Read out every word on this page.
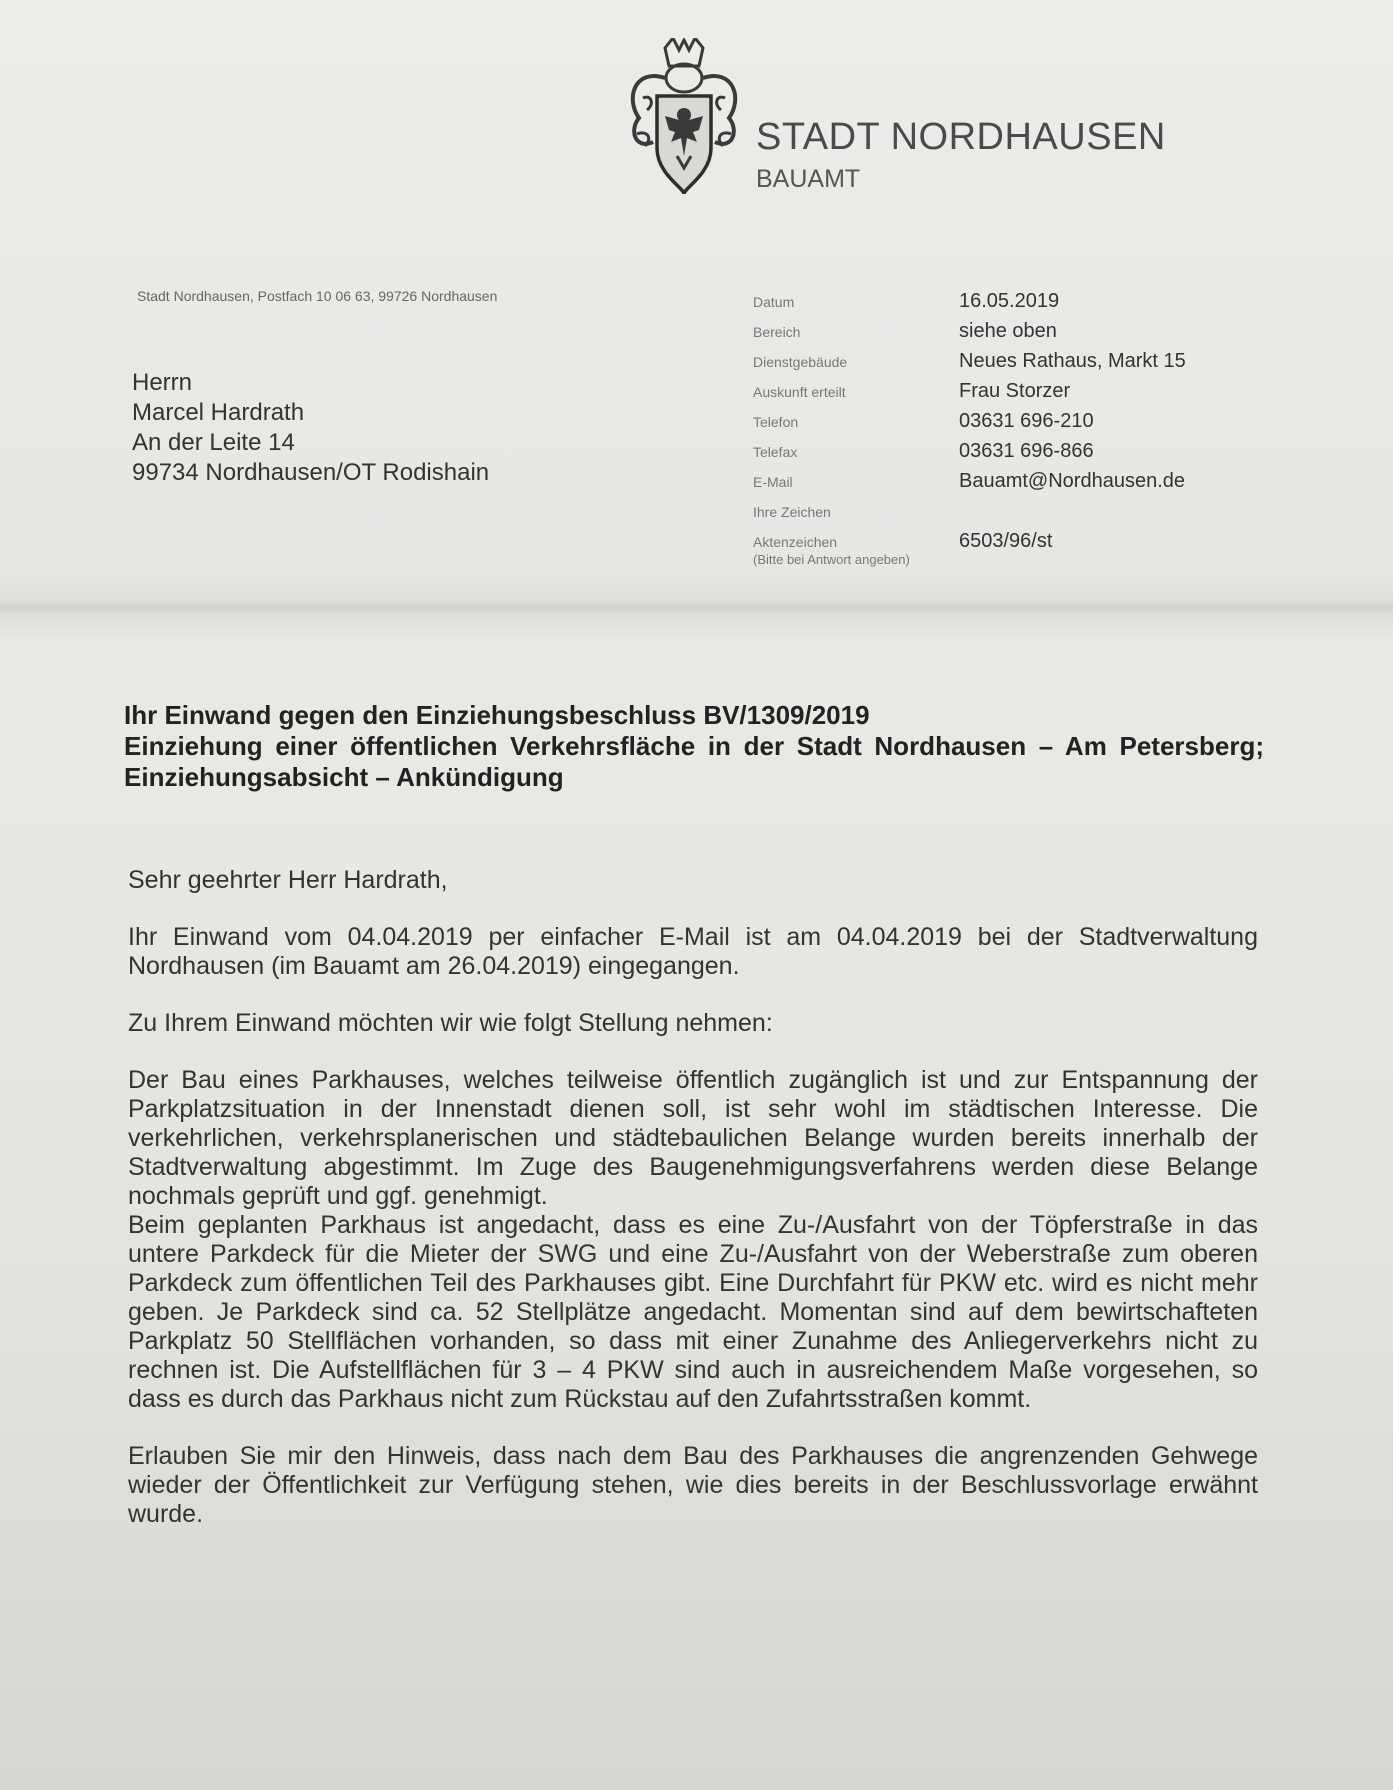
STADT NORDHAUSEN
BAUAMT
Stadt Nordhausen, Postfach 10 06 63, 99726 Nordhausen
Herrn
Marcel Hardrath
An der Leite 14
99734 Nordhausen/OT Rodishain
Datum	16.05.2019
Bereich	siehe oben
Dienstgebäude	Neues Rathaus, Markt 15
Auskunft erteilt	Frau Storzer
Telefon	03631 696-210
Telefax	03631 696-866
E-Mail	Bauamt@Nordhausen.de
Ihre Zeichen
Aktenzeichen	6503/96/st
(Bitte bei Antwort angeben)
Ihr Einwand gegen den Einziehungsbeschluss BV/1309/2019
Einziehung einer öffentlichen Verkehrsfläche in der Stadt Nordhausen – Am Petersberg; Einziehungsabsicht – Ankündigung

Sehr geehrter Herr Hardrath,

Ihr Einwand vom 04.04.2019 per einfacher E-Mail ist am 04.04.2019 bei der Stadtverwaltung Nordhausen (im Bauamt am 26.04.2019) eingegangen.

Zu Ihrem Einwand möchten wir wie folgt Stellung nehmen:

Der Bau eines Parkhauses, welches teilweise öffentlich zugänglich ist und zur Entspannung der Parkplatzsituation in der Innenstadt dienen soll, ist sehr wohl im städtischen Interesse. Die verkehrlichen, verkehrsplanerischen und städtebaulichen Belange wurden bereits innerhalb der Stadtverwaltung abgestimmt. Im Zuge des Baugenehmigungsverfahrens werden diese Belange nochmals geprüft und ggf. genehmigt.

Beim geplanten Parkhaus ist angedacht, dass es eine Zu-/Ausfahrt von der Töpferstraße in das untere Parkdeck für die Mieter der SWG und eine Zu-/Ausfahrt von der Weberstraße zum oberen Parkdeck zum öffentlichen Teil des Parkhauses gibt. Eine Durchfahrt für PKW etc. wird es nicht mehr geben. Je Parkdeck sind ca. 52 Stellplätze angedacht. Momentan sind auf dem bewirtschafteten Parkplatz 50 Stellflächen vorhanden, so dass mit einer Zunahme des Anliegerverkehrs nicht zu rechnen ist. Die Aufstellflächen für 3 – 4 PKW sind auch in ausreichendem Maße vorgesehen, so dass es durch das Parkhaus nicht zum Rückstau auf den Zufahrtsstraßen kommt.

Erlauben Sie mir den Hinweis, dass nach dem Bau des Parkhauses die angrenzenden Gehwege wieder der Öffentlichkeit zur Verfügung stehen, wie dies bereits in der Beschlussvorlage erwähnt wurde.
